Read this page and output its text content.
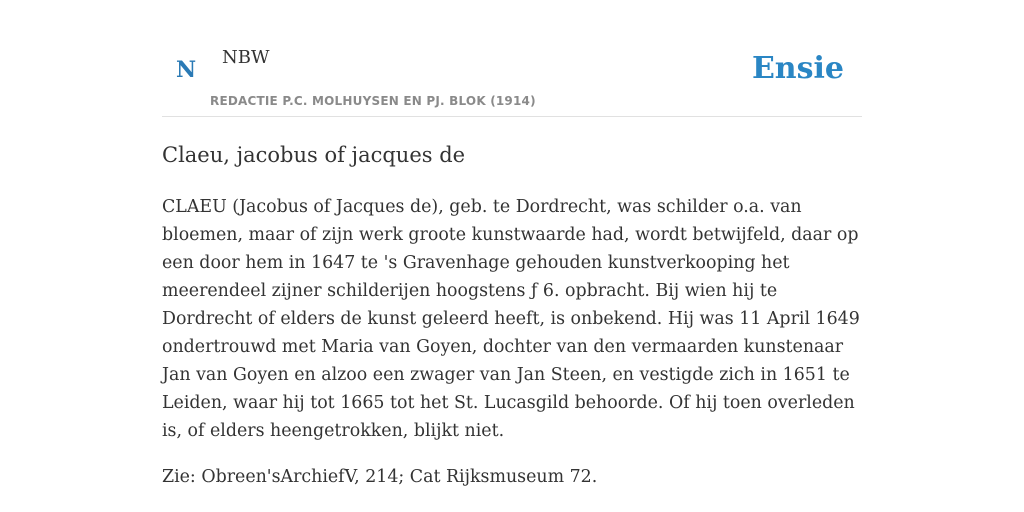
N NBW
REDACTIE P.C. MOLHUYSEN EN PJ. BLOK (1914)
Ensie
Claeu, jacobus of jacques de

CLAEU (Jacobus of Jacques de), geb. te Dordrecht, was schilder o.a. van bloemen, maar of zijn werk groote kunstwaarde had, wordt betwijfeld, daar op een door hem in 1647 te 's Gravenhage gehouden kunstverkooping het meerendeel zijner schilderijen hoogstens ƒ 6. opbracht. Bij wien hij te Dordrecht of elders de kunst geleerd heeft, is onbekend. Hij was 11 April 1649 ondertrouwd met Maria van Goyen, dochter van den vermaarden kunstenaar Jan van Goyen en alzoo een zwager van Jan Steen, en vestigde zich in 1651 te Leiden, waar hij tot 1665 tot het St. Lucasgild behoorde. Of hij toen overleden is, of elders heengetrokken, blijkt niet.

Zie: Obreen'sArchiefV, 214; Cat Rijksmuseum 72.
